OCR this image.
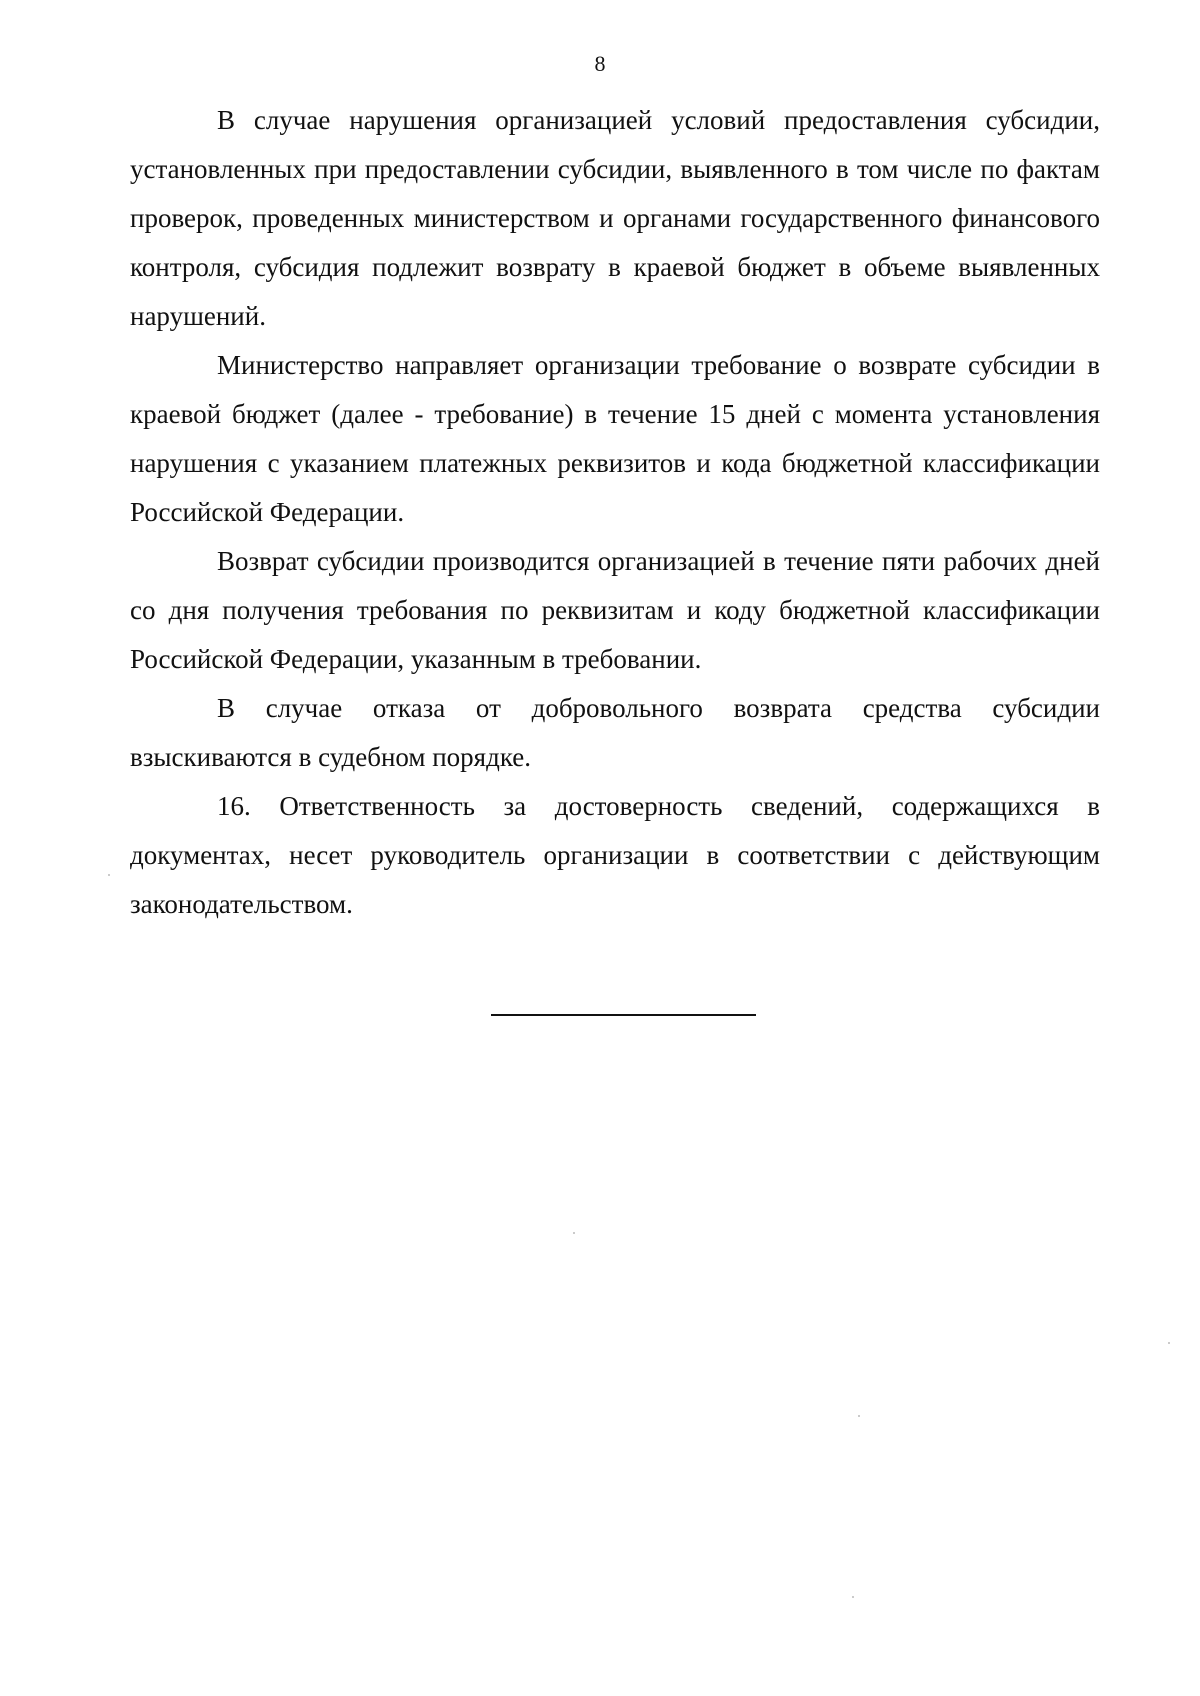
8

В случае нарушения организацией условий предоставления субсидии, установленных при предоставлении субсидии, выявленного в том числе по фактам проверок, проведенных министерством и органами государственного финансового контроля, субсидия подлежит возврату в краевой бюджет в объеме выявленных нарушений.

Министерство направляет организации требование о возврате субсидии в краевой бюджет (далее - требование) в течение 15 дней с момента установления нарушения с указанием платежных реквизитов и кода бюджетной классификации Российской Федерации.

Возврат субсидии производится организацией в течение пяти рабочих дней со дня получения требования по реквизитам и коду бюджетной классификации Российской Федерации, указанным в требовании.

В случае отказа от добровольного возврата средства субсидии взыскиваются в судебном порядке.

16. Ответственность за достоверность сведений, содержащихся в документах, несет руководитель организации в соответствии с действующим законодательством.
